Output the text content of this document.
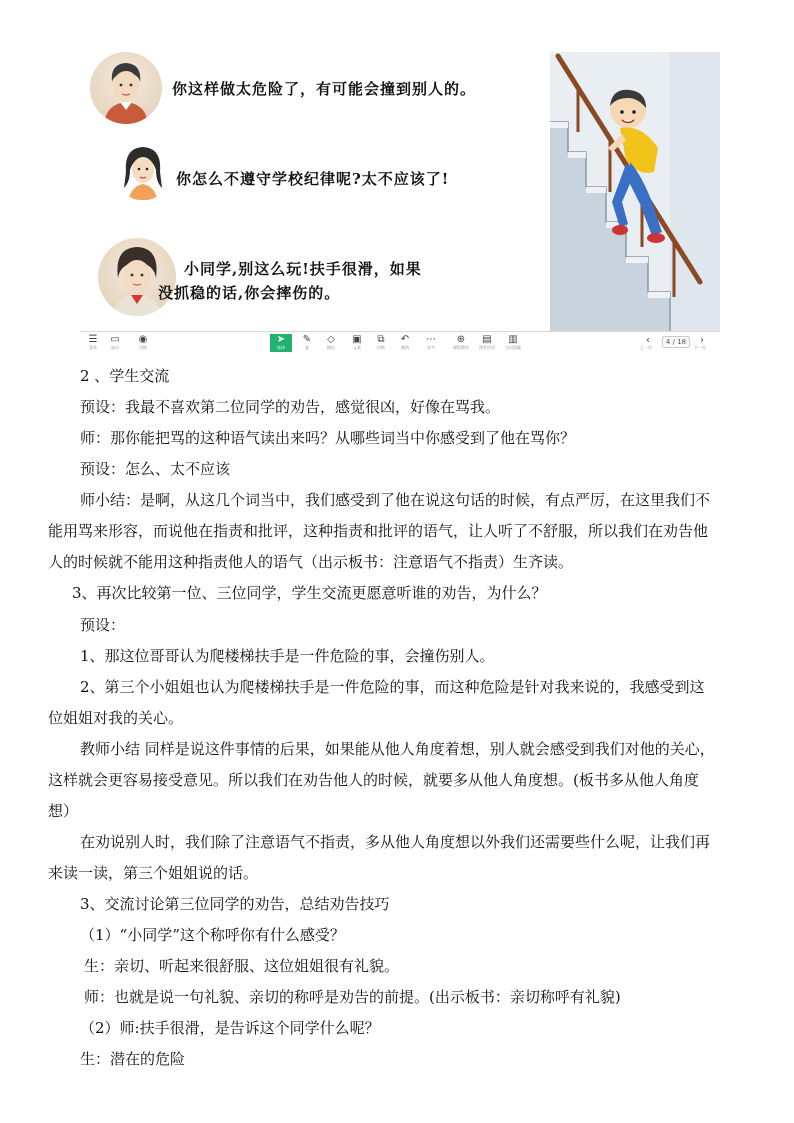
你这样做太危险了，有可能会撞到别人的。
你怎么不遵守学校纪律呢?太不应该了!
小同学,别这么玩!扶手很滑，如果
没抓稳的话,你会摔伤的。
☰
菜单
▭
展示
◉
切换
➤
选择
✎
笔
◇
橡皮
▣
元素
⧉
切换
↶
撤销
⋯
更多
⊕
课程教学
▤
课堂活动
▥
全局隐藏
‹
上一页
4 / 18	›
下一页
2 、学生交流
预设：我最不喜欢第二位同学的劝告，感觉很凶，好像在骂我。
师：那你能把骂的这种语气读出来吗？从哪些词当中你感受到了他在骂你？
预设：怎么、太不应该
师小结：是啊，从这几个词当中，我们感受到了他在说这句话的时候，有点严厉，在这里我们不
能用骂来形容，而说他在指责和批评，这种指责和批评的语气，让人听了不舒服，所以我们在劝告他
人的时候就不能用这种指责他人的语气（出示板书：注意语气不指责）生齐读。
3、再次比较第一位、三位同学，学生交流更愿意听谁的劝告，为什么？
预设：
1、那这位哥哥认为爬楼梯扶手是一件危险的事，会撞伤别人。
2、第三个小姐姐也认为爬楼梯扶手是一件危险的事，而这种危险是针对我来说的，我感受到这
位姐姐对我的关心。
教师小结 同样是说这件事情的后果，如果能从他人角度着想，别人就会感受到我们对他的关心，
这样就会更容易接受意见。所以我们在劝告他人的时候，就要多从他人角度想。(板书多从他人角度
想）
在劝说别人时，我们除了注意语气不指责，多从他人角度想以外我们还需要些什么呢，让我们再
来读一读，第三个姐姐说的话。
3、交流讨论第三位同学的劝告，总结劝告技巧
（1）“小同学”这个称呼你有什么感受？
生：亲切、听起来很舒服、这位姐姐很有礼貌。
师：也就是说一句礼貌、亲切的称呼是劝告的前提。(出示板书：亲切称呼有礼貌)
（2）师:扶手很滑，是告诉这个同学什么呢？
生：潜在的危险
